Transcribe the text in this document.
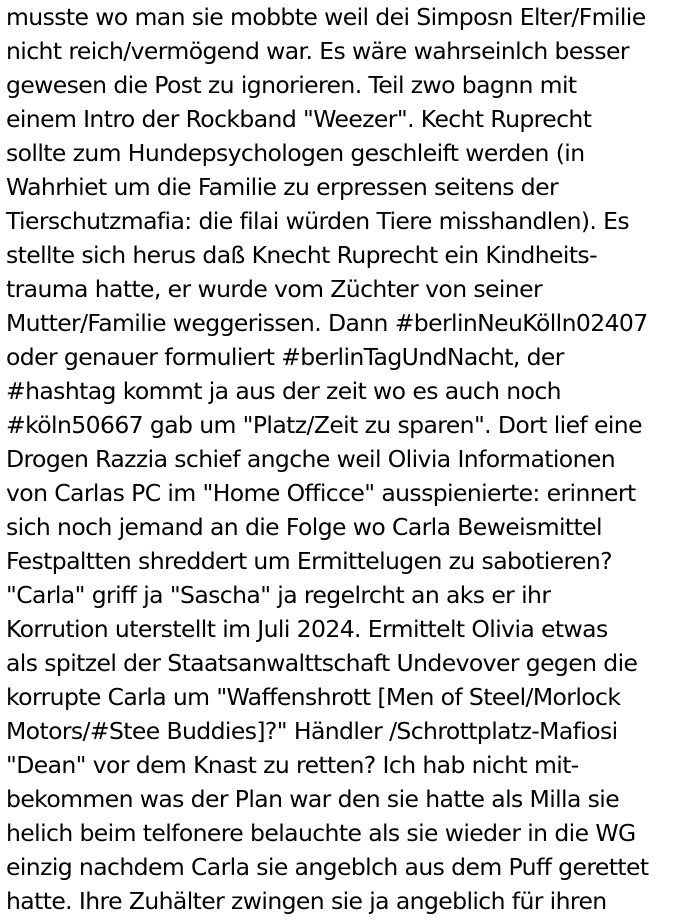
musste wo man sie mobbte weil dei Simposn Elter/Fmilie
nicht reich/vermögend war. Es wäre wahrseinlch besser
gewesen die Post zu ignorieren. Teil zwo bagnn mit
einem Intro der Rockband "Weezer". Kecht Ruprecht
sollte zum Hundepsychologen geschleift werden (in
Wahrhiet um die Familie zu erpressen seitens der
Tierschutzmafia: die filai würden Tiere misshandlen). Es
stellte sich herus daß Knecht Ruprecht ein Kindheits-
trauma hatte, er wurde vom Züchter von seiner
Mutter/Familie weggerissen. Dann #berlinNeuKölln02407
oder genauer formuliert #berlinTagUndNacht, der
#hashtag kommt ja aus der zeit wo es auch noch
#köln50667 gab um "Platz/Zeit zu sparen". Dort lief eine
Drogen Razzia schief angche weil Olivia Informationen
von Carlas PC im "Home Officce" ausspienierte: erinnert
sich noch jemand an die Folge wo Carla Beweismittel
Festpaltten shreddert um Ermittelugen zu sabotieren?
"Carla" griff ja "Sascha" ja regelrcht an aks er ihr
Korrution uterstellt im Juli 2024. Ermittelt Olivia etwas
als spitzel der Staatsanwalttschaft Undevover gegen die
korrupte Carla um "Waffenshrott [Men of Steel/Morlock
Motors/#Stee Buddies]?" Händler /Schrottplatz-Mafiosi
"Dean" vor dem Knast zu retten? Ich hab nicht mit-
bekommen was der Plan war den sie hatte als Milla sie
helich beim telfonere belauchte als sie wieder in die WG
einzig nachdem Carla sie angeblch aus dem Puff gerettet
hatte. Ihre Zuhälter zwingen sie ja angeblich für ihren
